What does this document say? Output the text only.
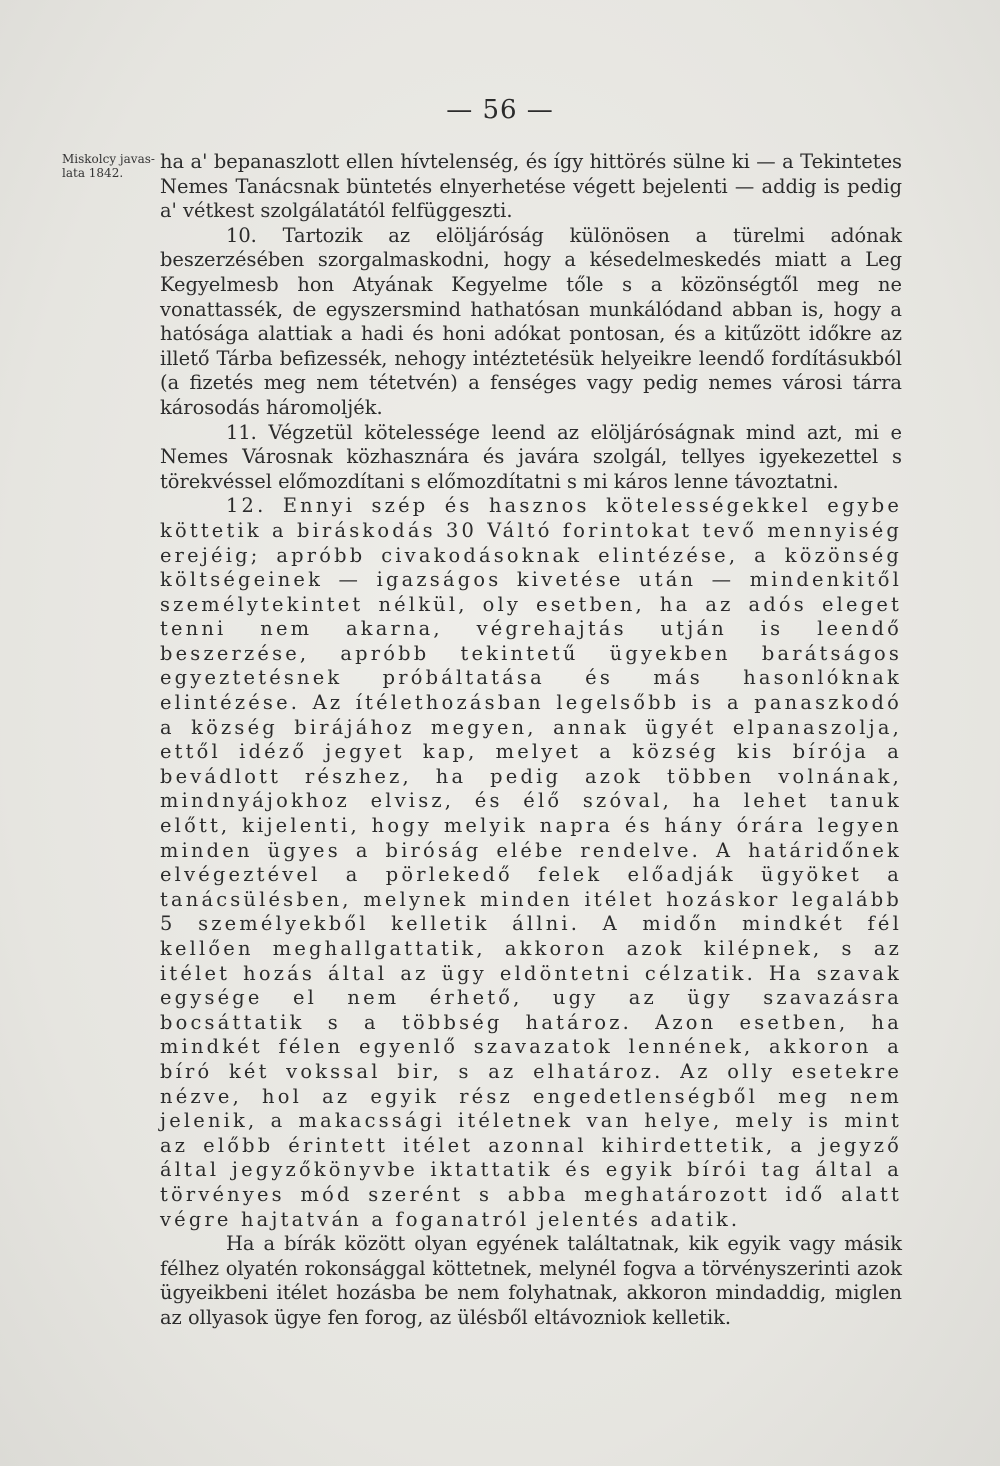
— 56 —
Miskolcy javas-lata 1842.	ha a' bepanaszlott ellen hívtelenség, és így hittörés sülne ki — a Tekintetes Nemes Tanácsnak büntetés elnyerhetése végett bejelenti — addig is pedig a' vétkest szolgálatától felfüggeszti.

10. Tartozik az elöljáróság különösen a türelmi adónak beszerzésében szorgalmaskodni, hogy a késedelmeskedés miatt a Leg Kegyelmesb hon Atyának Kegyelme tőle s a közönségtől meg ne vonattassék, de egyszersmind hathatósan munkálódand abban is, hogy a hatósága alattiak a hadi és honi adókat pontosan, és a kitűzött időkre az illető Tárba befizessék, nehogy intéztetésük helyeikre leendő fordításukból (a fizetés meg nem tétetvén) a fenséges vagy pedig nemes városi tárra károsodás háromoljék.

11. Végzetül kötelessége leend az elöljáróságnak mind azt, mi e Nemes Városnak közhasznára és javára szolgál, tellyes igyekezettel s törekvéssel előmozdítani s előmozdítatni s mi káros lenne távoztatni.

12. Ennyi szép és hasznos kötelességekkel egybe köttetik a biráskodás 30 Váltó forintokat tevő mennyiség erejéig; apróbb civakodásoknak elintézése, a közönség költségeinek — igazságos kivetése után — mindenkitől személytekintet nélkül, oly esetben, ha az adós eleget tenni nem akarna, végrehajtás utján is leendő beszerzése, apróbb tekintetű ügyekben barátságos egyeztetésnek próbáltatása és más hasonlóknak elintézése. Az ítélethozásban legelsőbb is a panaszkodó a község birájához megyen, annak ügyét elpanaszolja, ettől idéző jegyet kap, melyet a község kis bírója a bevádlott részhez, ha pedig azok többen volnának, mindnyájokhoz elvisz, és élő szóval, ha lehet tanuk előtt, kijelenti, hogy melyik napra és hány órára legyen minden ügyes a biróság elébe rendelve. A határidőnek elvégeztével a pörlekedő felek előadják ügyöket a tanácsülésben, melynek minden itélet hozáskor legalább 5 személyekből kelletik állni. A midőn mindkét fél kellően meghallgattatik, akkoron azok kilépnek, s az itélet hozás által az ügy eldöntetni célzatik. Ha szavak egysége el nem érhető, ugy az ügy szavazásra bocsáttatik s a többség határoz. Azon esetben, ha mindkét félen egyenlő szavazatok lennének, akkoron a bíró két vokssal bir, s az elhatároz. Az olly esetekre nézve, hol az egyik rész engedetlenségből meg nem jelenik, a makacssági itéletnek van helye, mely is mint az előbb érintett itélet azonnal kihirdettetik, a jegyző által jegyzőkönyvbe iktattatik és egyik bírói tag által a törvényes mód szerént s abba meghatározott idő alatt végre hajtatván a foganatról jelentés adatik.

Ha a bírák között olyan egyének találtatnak, kik egyik vagy másik félhez olyatén rokonsággal köttetnek, melynél fogva a törvényszerinti azok ügyeikbeni itélet hozásba be nem folyhatnak, akkoron mindaddig, miglen az ollyasok ügye fen forog, az ülésből eltávozniok kelletik.
